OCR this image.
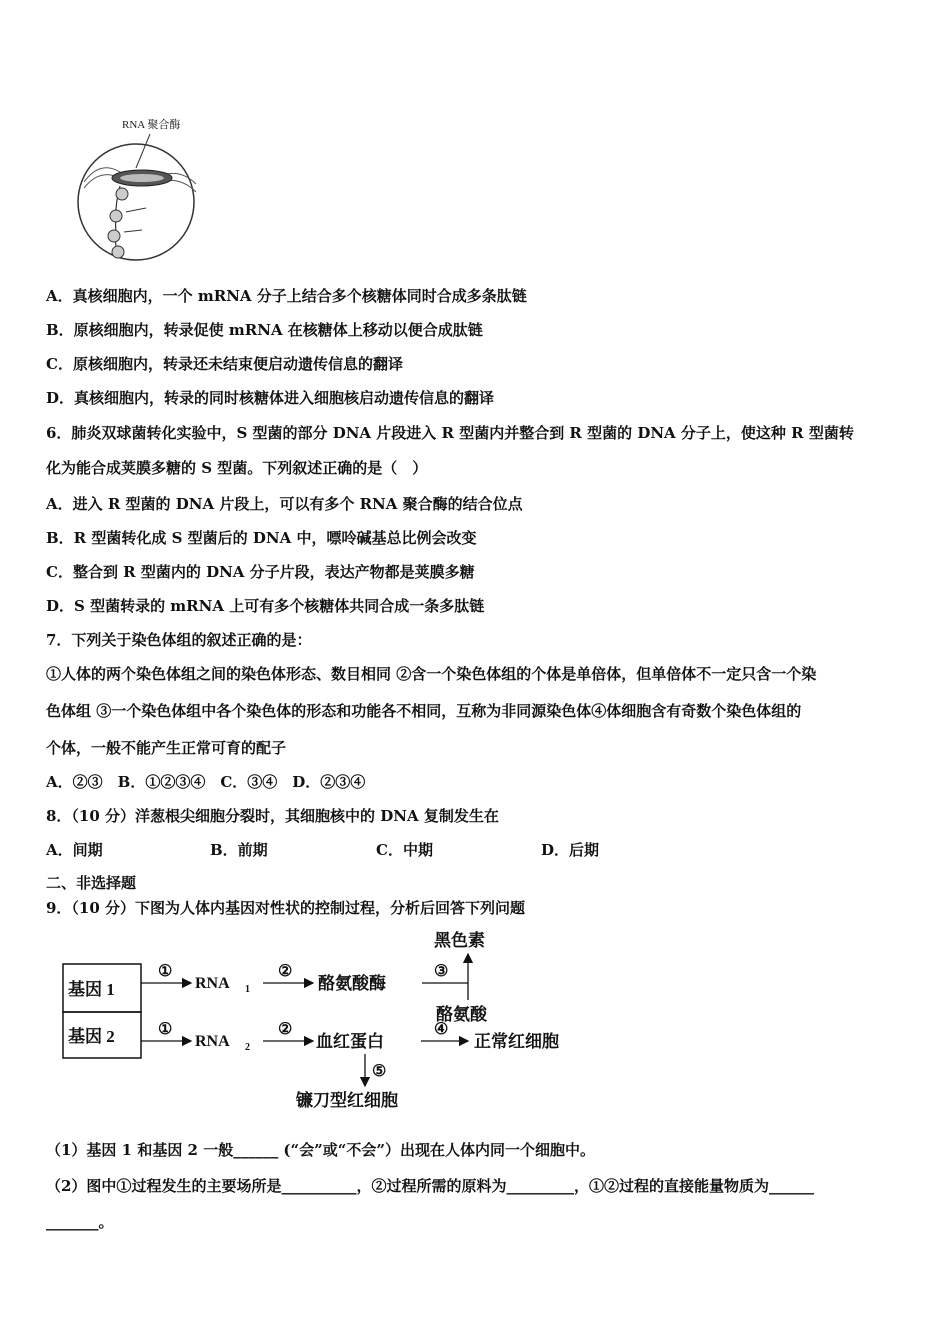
RNA 聚合酶
A．真核细胞内，一个 mRNA 分子上结合多个核糖体同时合成多条肽链
B．原核细胞内，转录促使 mRNA 在核糖体上移动以便合成肽链
C．原核细胞内，转录还未结束便启动遗传信息的翻译
D．真核细胞内，转录的同时核糖体进入细胞核启动遗传信息的翻译
6．肺炎双球菌转化实验中，S 型菌的部分 DNA 片段进入 R 型菌内并整合到 R 型菌的 DNA 分子上，使这种 R 型菌转
化为能合成荚膜多糖的 S 型菌。下列叙述正确的是（　）
A．进入 R 型菌的 DNA 片段上，可以有多个 RNA 聚合酶的结合位点
B．R 型菌转化成 S 型菌后的 DNA 中，嘌呤碱基总比例会改变
C．整合到 R 型菌内的 DNA 分子片段，表达产物都是荚膜多糖
D．S 型菌转录的 mRNA 上可有多个核糖体共同合成一条多肽链
7．下列关于染色体组的叙述正确的是：
①人体的两个染色体组之间的染色体形态、数目相同 ②含一个染色体组的个体是单倍体，但单倍体不一定只含一个染
色体组 ③一个染色体组中各个染色体的形态和功能各不相同，互称为非同源染色体④体细胞含有奇数个染色体组的
个体，一般不能产生正常可育的配子
A．②③　B．①②③④　C．③④　D．②③④
8．（10 分）洋葱根尖细胞分裂时，其细胞核中的 DNA 复制发生在
A．间期	B．前期	C．中期	D．后期
二、非选择题
9．（10 分）下图为人体内基因对性状的控制过程，分析后回答下列问题
基因 1
基因 2
①
RNA 1
②
酪氨酸酶
③
黑色素
酪氨酸
①
RNA 2
②
血红蛋白
④
正常红细胞
⑤
镰刀型红细胞
（1）基因 1 和基因 2 一般______ (“会”或“不会”）出现在人体内同一个细胞中。
（2）图中①过程发生的主要场所是__________，②过程所需的原料为_________，①②过程的直接能量物质为______
_______。
